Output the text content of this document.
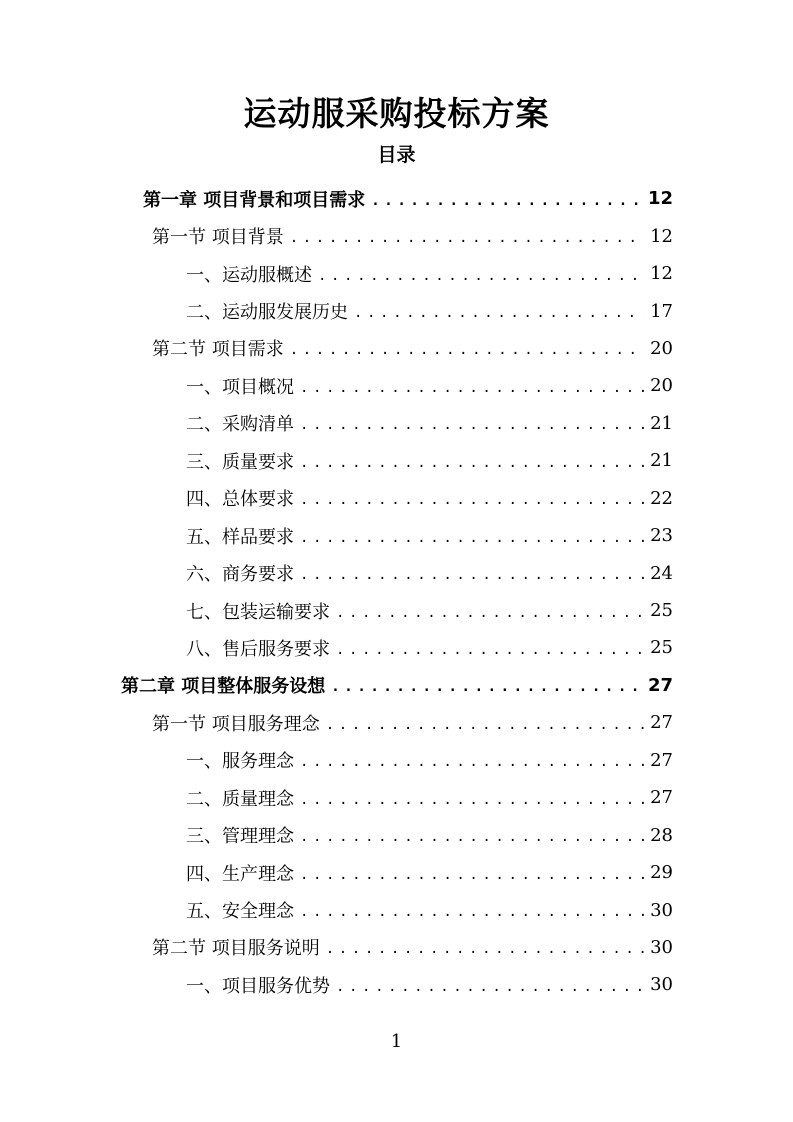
运动服采购投标方案
目录
第一章 项目背景和项目需求 .....	12
第一节 项目背景 .....	12
一、运动服概述 .....	12
二、运动服发展历史 .....	17
第二节 项目需求 .....	20
一、项目概况 .....	20
二、采购清单 .....	21
三、质量要求 .....	21
四、总体要求 .....	22
五、样品要求 .....	23
六、商务要求 .....	24
七、包装运输要求 .....	25
八、售后服务要求 .....	25
第二章 项目整体服务设想 .....	27
第一节 项目服务理念 .....	27
一、服务理念 .....	27
二、质量理念 .....	27
三、管理理念 .....	28
四、生产理念 .....	29
五、安全理念 .....	30
第二节 项目服务说明 .....	30
一、项目服务优势 .....	30
1
